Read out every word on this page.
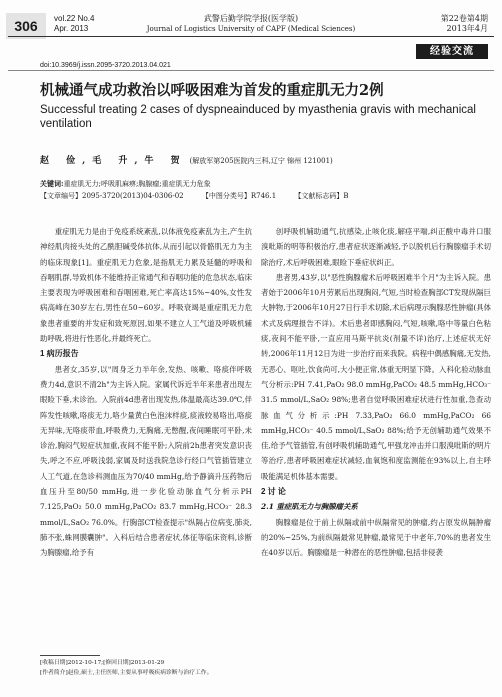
306	vol.22 No.4
Apr. 2013
武警后勤学院学报(医学版)
Journal of Logistics University of CAPF (Medical Sciences)
第22卷第4期
2013年4月
经验交流
doi:10.3969/j.issn.2095-3720.2013.04.021
机械通气成功救治以呼吸困难为首发的重症肌无力2例
Successful treating 2 cases of dyspneainduced by myasthenia gravis with mechanical ventilation
赵 俭,毛 升,牛 贺 (解放军第205医院内三科,辽宁 锦州 121001)
关键词:重症肌无力;呼吸肌麻痹;胸腺瘤;重症肌无力危象
【文章编号】2095-3720(2013)04-0306-02	【中图分类号】R746.1	【文献标志码】B

重症肌无力是由于免疫系统紊乱,以体液免疫紊乱为主,产生抗神经肌肉接头处的乙酰胆碱受体抗体,从而引起以骨骼肌无力为主的临床现象[1]。重症肌无力危象,是指肌无力累及延髓的呼吸和吞咽肌群,导致机体不能维持正常通气和吞咽功能的危急状态,临床主要表现为呼吸困难和吞咽困难,死亡率高达15%~40%,女性发病高峰在30岁左右,男性在50~60岁。呼吸衰竭是重症肌无力危象患者重要的并发症和致死原因,如果不建立人工气道及呼吸机辅助呼吸,将进行性恶化,并最终死亡。

1 病历报告

患者女,35岁,以"周身乏力半年余,发热、咳嗽、咯痰伴呼吸费力4d,意识不清2h"为主诉入院。家属代诉近半年来患者出现左眼睑下垂,未诊治。入院前4d患者出现发热,体温最高达39.0℃,伴阵发性咳嗽,咯痰无力,咯少量黄白色泡沫样痰,痰液较易咯出,咯痰无异味,无咯痰带血,呼吸费力,无胸痛,无憋醒,夜间睡眠可平卧,未诊治,胸闷气短症状加重,夜间不能平卧;入院前2h患者突发意识丧失,呼之不应,呼吸浅弱,家属及时送我院急诊行经口气管插管建立人工气道,在急诊科测血压为70/40 mmHg,给予静滴升压药物后血压升至80/50 mmHg,进一步化验动脉血气分析示PH 7.125,PaO₂ 50.0 mmHg,PaCO₂ 83.7 mmHg,HCO₃⁻ 28.3 mmol/L,SaO₂ 76.0%。行胸部CT检查提示"纵隔占位病变,肺炎,肺不张,蛛网膜囊肿"。入科后结合患者症状,体征等临床资料,诊断为胸腺瘤,给予有

创呼吸机辅助通气,抗感染,止咳化痰,解痉平喘,纠正酸中毒并口服溴吡斯的明等积极治疗,患者症状逐渐减轻,予以脱机后行胸腺瘤手术切除治疗,术后呼吸困难,眼睑下垂症状纠正。

患者男,43岁,以"恶性胸腺瘤术后呼吸困难半个月"为主诉入院。患者始于2006年10月劳累后出现胸闷,气短,当时检查胸部CT发现纵隔巨大肿物,于2006年10月27日行手术切除,术后病理示胸腺恶性肿瘤(具体术式及病理报告不详)。术后患者即感胸闷,气短,咳嗽,咯中等量白色粘痰,夜间不能平卧,一直应用马斯平抗炎(剂量不详)治疗,上述症状无好转,2006年11月12日为进一步治疗而来我院。病程中偶感胸痛,无发热,无恶心、呕吐,饮食尚可,大小便正常,体重无明显下降。入科化验动脉血气分析示:PH 7.41,PaO₂ 98.0 mmHg,PaCO₂ 48.5 mmHg,HCO₃⁻ 31.5 mmol/L,SaO₂ 98%;患者自觉呼吸困难症状进行性加重,急查动脉血气分析示:PH 7.33,PaO₂ 66.0 mmHg,PaCO₂ 66 mmHg,HCO₃⁻ 40.5 mmol/L,SaO₂ 88%;给予无创辅助通气效果不佳,给予气管插管,有创呼吸机辅助通气,甲强龙冲击并口服溴吡斯的明片等治疗,患者呼吸困难症状减轻,血氧饱和度监测能在93%以上,自主呼吸能满足机体基本需要。

2 讨 论

2.1 重症肌无力与胸腺瘤关系

胸腺瘤是位于前上纵隔或前中纵隔常见的肿瘤,约占原发纵隔肿瘤的20%~25%,为前纵隔最常见肿瘤,最常见于中老年,70%的患者发生在40岁以后。胸腺瘤是一种潜在的恶性肿瘤,包括非侵袭

[收稿日期]2012-10-17;[修回日期]2013-01-29
[作者简介]赵俭,硕士,主任医师,主要从事呼吸疾病诊断与治疗工作。
